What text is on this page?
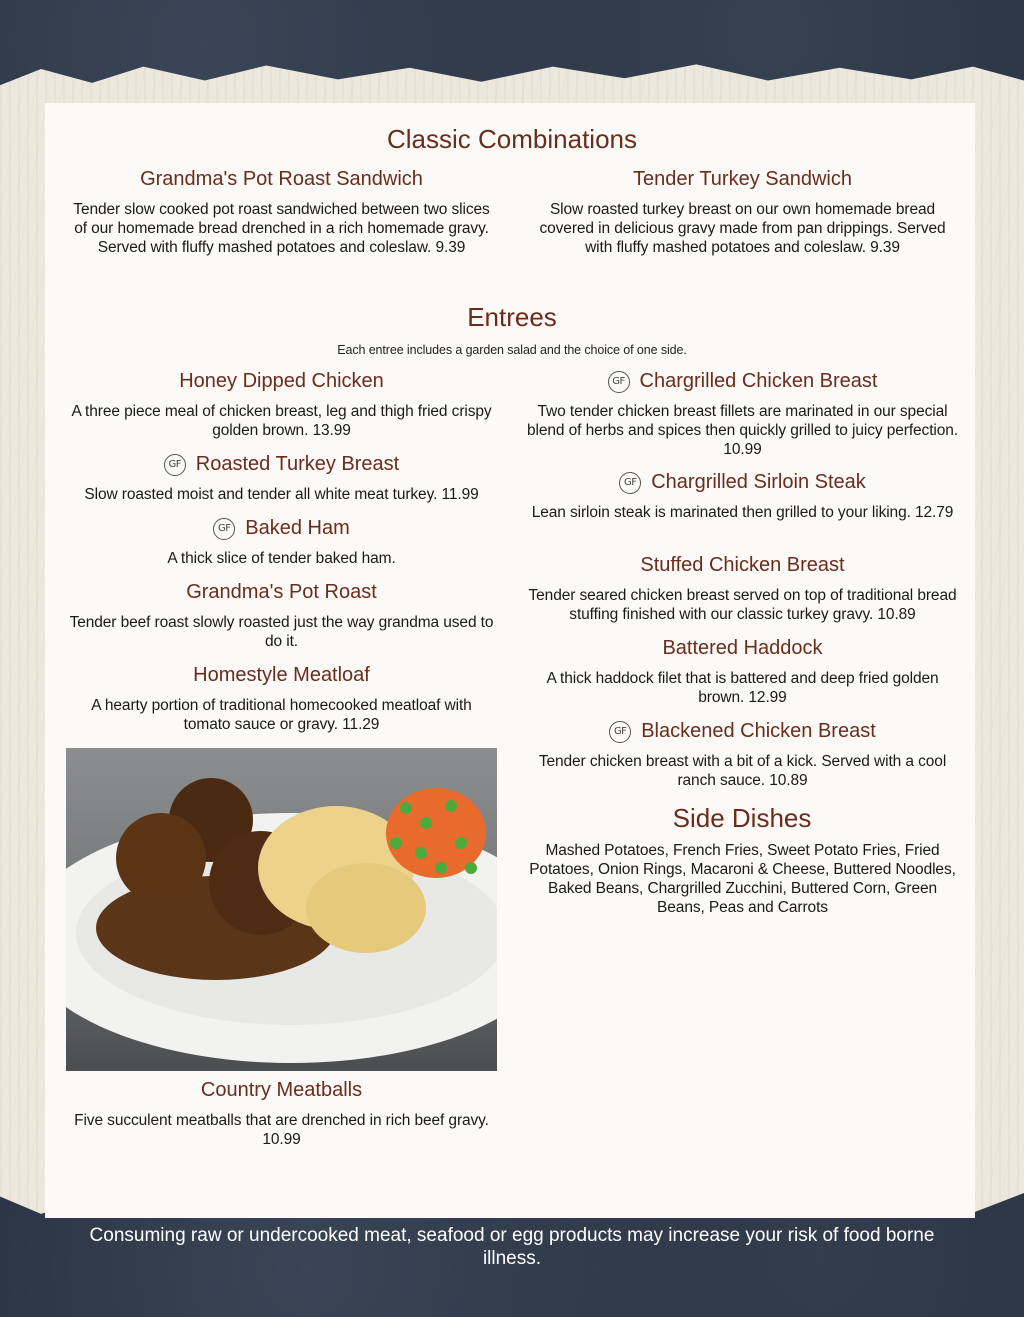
Classic Combinations
Grandma's Pot Roast Sandwich

Tender slow cooked pot roast sandwiched between two slices of our homemade bread drenched in a rich homemade gravy. Served with fluffy mashed potatoes and coleslaw. 9.39

Tender Turkey Sandwich

Slow roasted turkey breast on our own homemade bread covered in delicious gravy made from pan drippings. Served with fluffy mashed potatoes and coleslaw. 9.39

Entrees

Each entree includes a garden salad and the choice of one side.

Honey Dipped Chicken

A three piece meal of chicken breast, leg and thigh fried crispy golden brown. 13.99

GF Roasted Turkey Breast

Slow roasted moist and tender all white meat turkey. 11.99

GF Baked Ham

A thick slice of tender baked ham.

Grandma's Pot Roast

Tender beef roast slowly roasted just the way grandma used to do it.

Homestyle Meatloaf

A hearty portion of traditional homecooked meatloaf with tomato sauce or gravy. 11.29

Country Meatballs

Five succulent meatballs that are drenched in rich beef gravy. 10.99

GF Chargrilled Chicken Breast

Two tender chicken breast fillets are marinated in our special blend of herbs and spices then quickly grilled to juicy perfection. 10.99

GF Chargrilled Sirloin Steak

Lean sirloin steak is marinated then grilled to your liking. 12.79

Stuffed Chicken Breast

Tender seared chicken breast served on top of traditional bread stuffing finished with our classic turkey gravy. 10.89

Battered Haddock

A thick haddock filet that is battered and deep fried golden brown. 12.99

GF Blackened Chicken Breast

Tender chicken breast with a bit of a kick. Served with a cool ranch sauce. 10.89

Side Dishes

Mashed Potatoes, French Fries, Sweet Potato Fries, Fried Potatoes, Onion Rings, Macaroni & Cheese, Buttered Noodles, Baked Beans, Chargrilled Zucchini, Buttered Corn, Green Beans, Peas and Carrots

Consuming raw or undercooked meat, seafood or egg products may increase your risk of food borne illness.
